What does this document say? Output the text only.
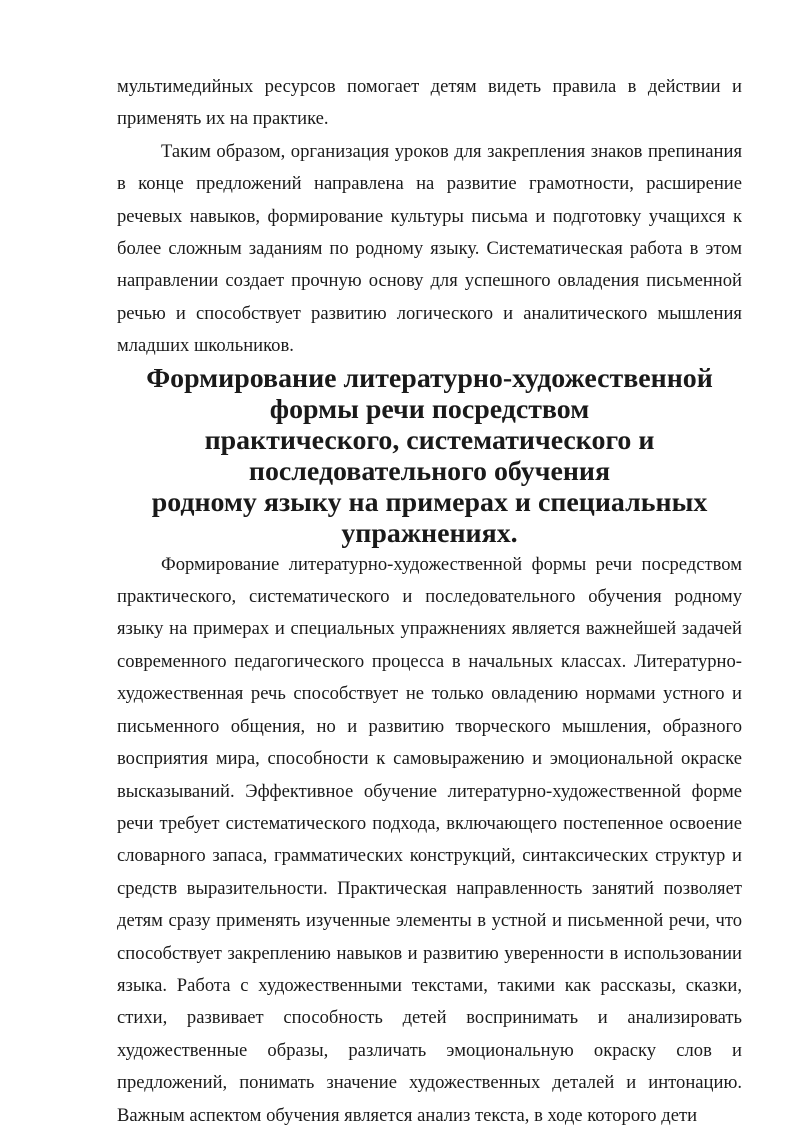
мультимедийных ресурсов помогает детям видеть правила в действии и применять их на практике.

Таким образом, организация уроков для закрепления знаков препинания в конце предложений направлена на развитие грамотности, расширение речевых навыков, формирование культуры письма и подготовку учащихся к более сложным заданиям по родному языку. Систематическая работа в этом направлении создает прочную основу для успешного овладения письменной речью и способствует развитию логического и аналитического мышления младших школьников.

Формирование литературно-художественной формы речи посредством
практического, систематического и последовательного обучения
родному языку на примерах и специальных упражнениях.

Формирование литературно-художественной формы речи посредством практического, систематического и последовательного обучения родному языку на примерах и специальных упражнениях является важнейшей задачей современного педагогического процесса в начальных классах. Литературно-художественная речь способствует не только овладению нормами устного и письменного общения, но и развитию творческого мышления, образного восприятия мира, способности к самовыражению и эмоциональной окраске высказываний. Эффективное обучение литературно-художественной форме речи требует систематического подхода, включающего постепенное освоение словарного запаса, грамматических конструкций, синтаксических структур и средств выразительности. Практическая направленность занятий позволяет детям сразу применять изученные элементы в устной и письменной речи, что способствует закреплению навыков и развитию уверенности в использовании языка. Работа с художественными текстами, такими как рассказы, сказки, стихи, развивает способность детей воспринимать и анализировать художественные образы, различать эмоциональную окраску слов и предложений, понимать значение художественных деталей и интонацию. Важным аспектом обучения является анализ текста, в ходе которого дети
